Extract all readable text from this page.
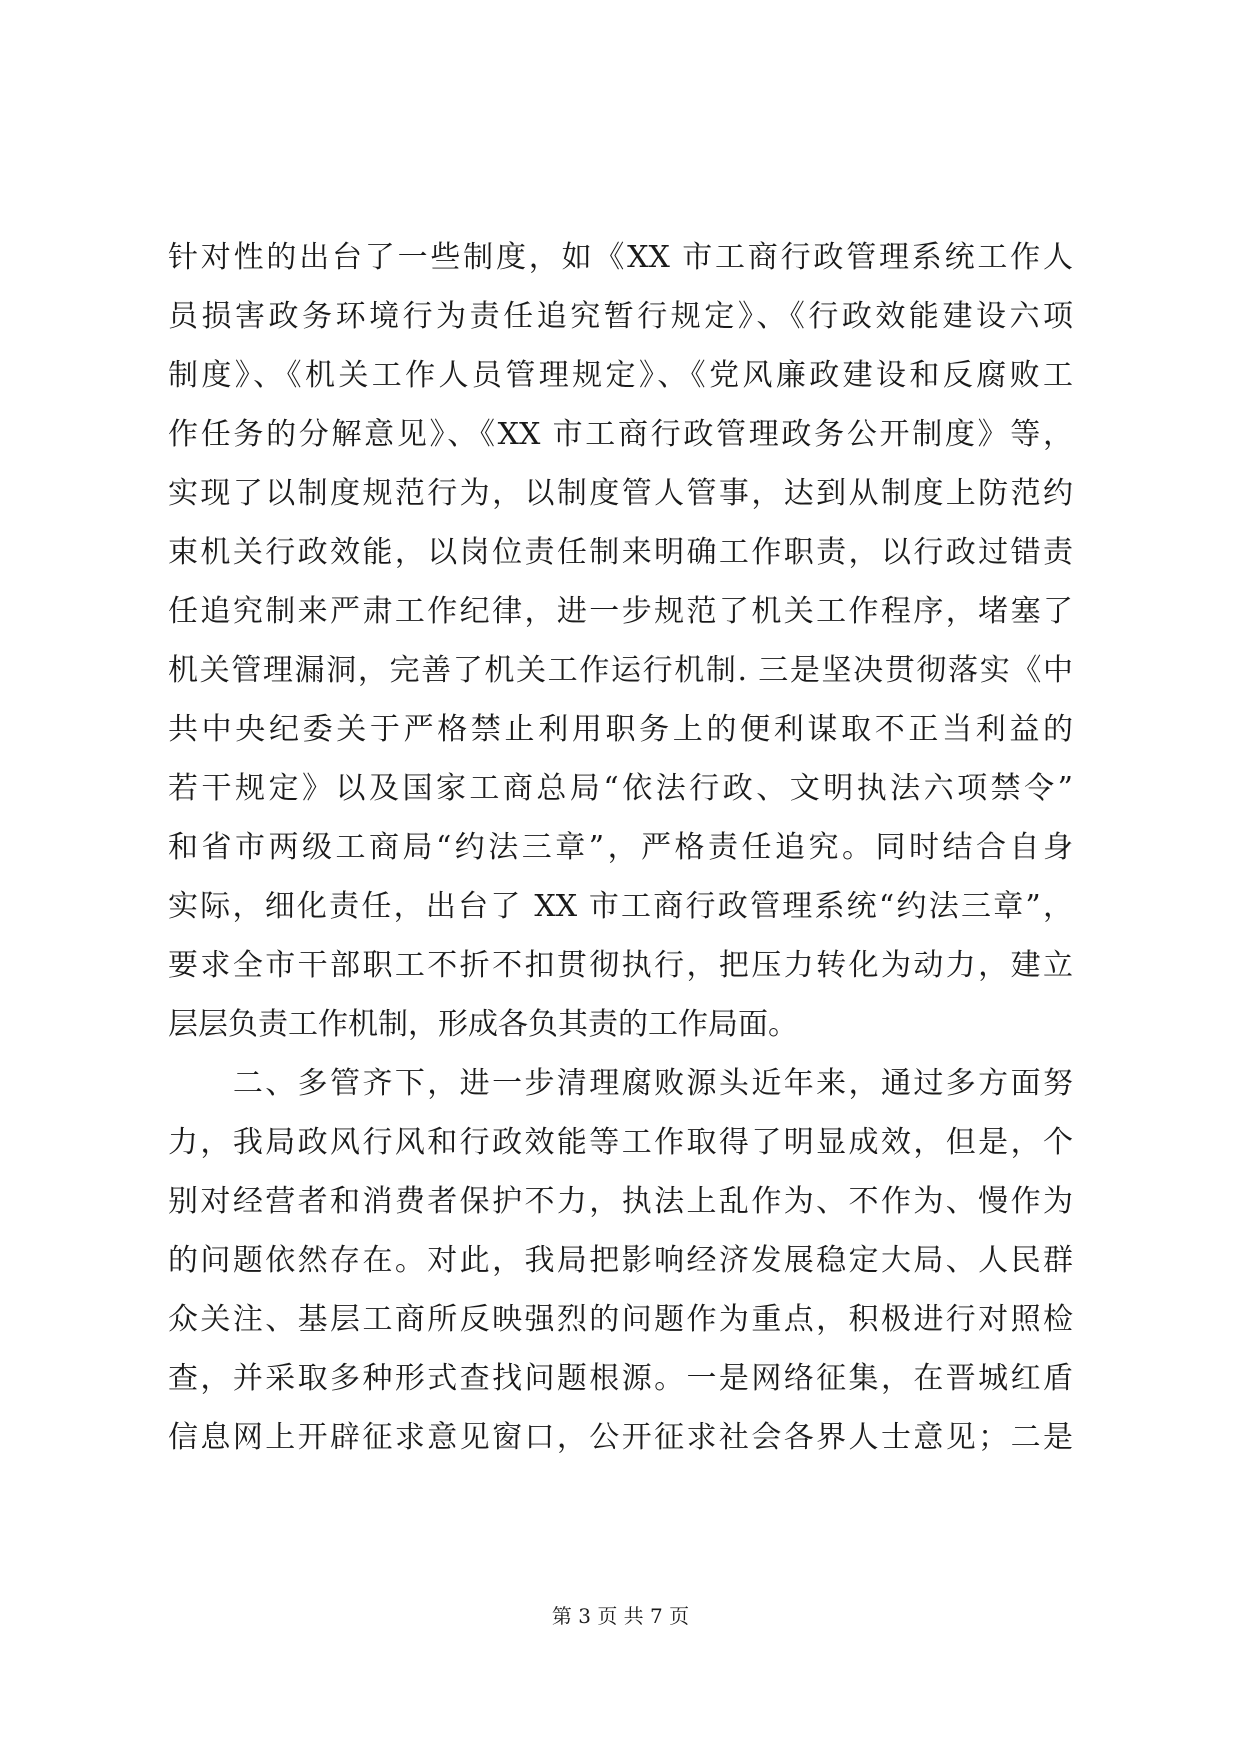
针对性的出台了一些制度，如《XX 市工商行政管理系统工作人
员损害政务环境行为责任追究暂行规定》、《行政效能建设六项
制度》、《机关工作人员管理规定》、《党风廉政建设和反腐败工
作任务的分解意见》、《XX 市工商行政管理政务公开制度》等，
实现了以制度规范行为，以制度管人管事，达到从制度上防范约
束机关行政效能，以岗位责任制来明确工作职责，以行政过错责
任追究制来严肃工作纪律，进一步规范了机关工作程序，堵塞了
机关管理漏洞，完善了机关工作运行机制. 三是坚决贯彻落实《中
共中央纪委关于严格禁止利用职务上的便利谋取不正当利益的
若干规定》以及国家工商总局“依法行政、文明执法六项禁令”
和省市两级工商局“约法三章”，严格责任追究。同时结合自身
实际，细化责任，出台了 XX 市工商行政管理系统“约法三章”，
要求全市干部职工不折不扣贯彻执行，把压力转化为动力，建立
层层负责工作机制，形成各负其责的工作局面。
　　二、多管齐下，进一步清理腐败源头近年来，通过多方面努
力，我局政风行风和行政效能等工作取得了明显成效，但是，个
别对经营者和消费者保护不力，执法上乱作为、不作为、慢作为
的问题依然存在。对此，我局把影响经济发展稳定大局、人民群
众关注、基层工商所反映强烈的问题作为重点，积极进行对照检
查，并采取多种形式查找问题根源。一是网络征集，在晋城红盾
信息网上开辟征求意见窗口，公开征求社会各界人士意见；二是
第 3 页 共 7 页
